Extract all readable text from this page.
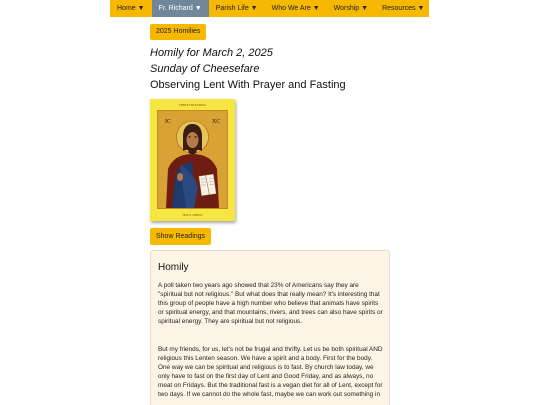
Home ▼	Fr. Richard ▼	Parish Life ▼	Who We Are ▼	Worship ▼	Resources ▼
2025 Homilies
Homily for March 2, 2025
Sunday of Cheesefare
Observing Lent With Prayer and Fasting
CHRIST BLESSING
IC	XC
JESUS CHRIST
Show Readings
Homily

A poll taken two years ago showed that 23% of Americans say they are "spiritual but not religious." But what does that really mean? It's interesting that this group of people have a high number who believe that animals have spirits or spiritual energy, and that mountains, rivers, and trees can also have spirits or spiritual energy. They are spiritual but not religious.

But my friends, for us, let's not be frugal and thrifty. Let us be both spiritual AND religious this Lenten season. We have a spirit and a body. First for the body. One way we can be spiritual and religious is to fast. By church law today, we only have to fast on the first day of Lent and Good Friday, and as always, no meat on Fridays. But the traditional fast is a vegan diet for all of Lent, except for two days. If we cannot do the whole fast, maybe we can work out something in
